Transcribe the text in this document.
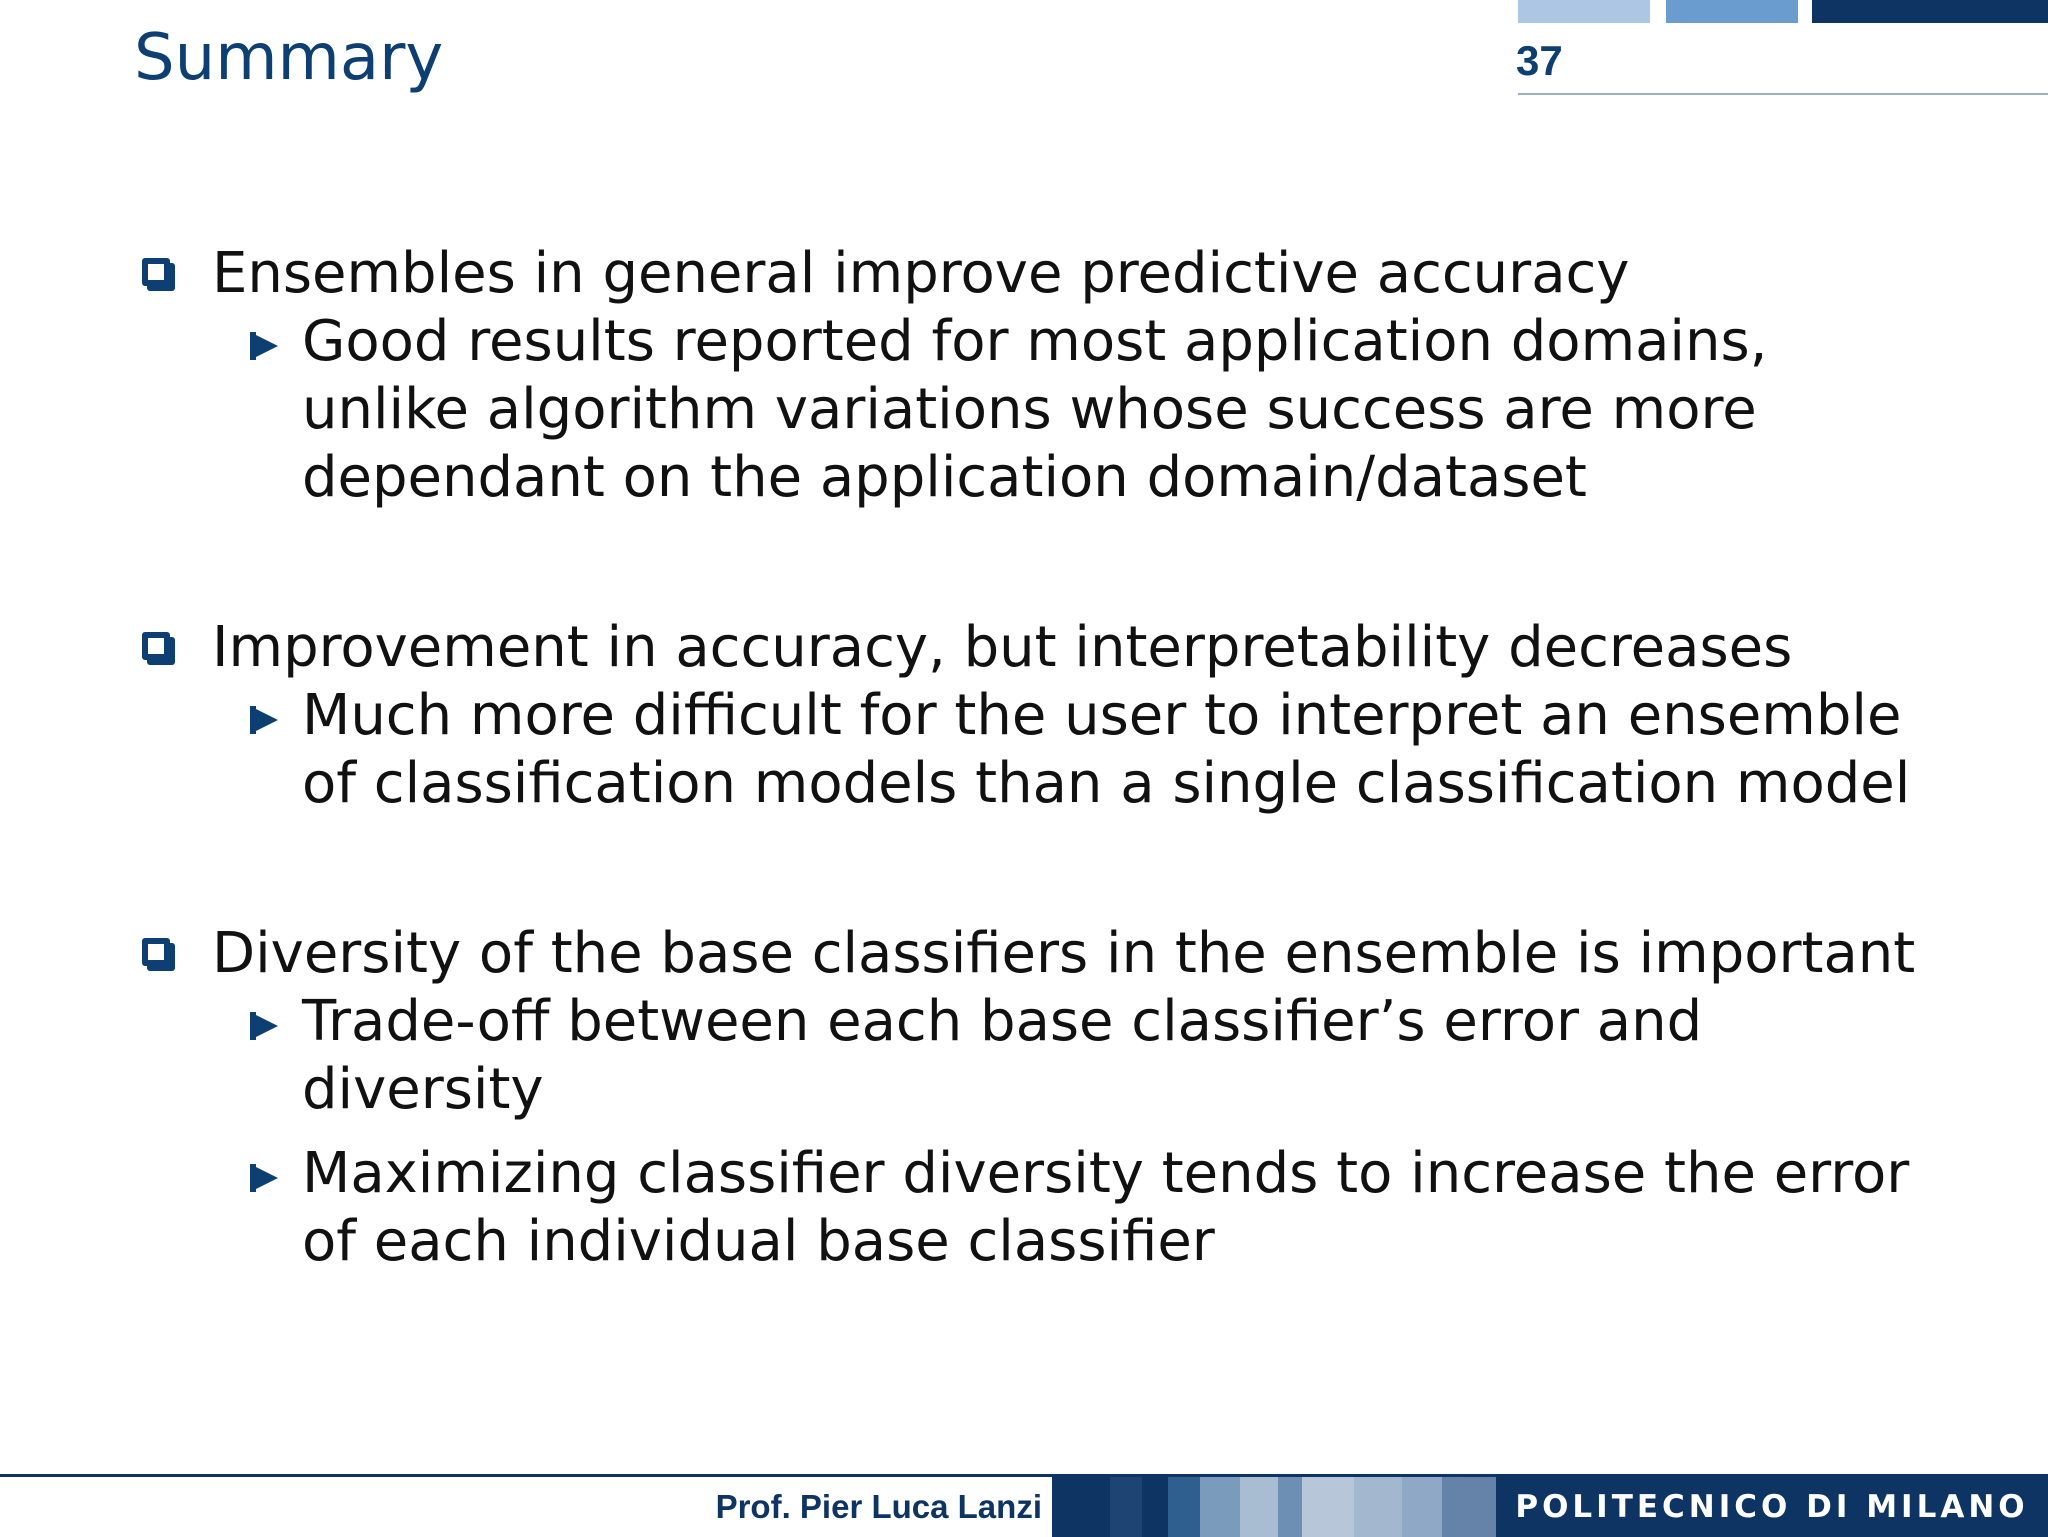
Summary	37
Ensembles in general improve predictive accuracy
Good results reported for most application domains,
unlike algorithm variations whose success are more
dependant on the application domain/dataset
Improvement in accuracy, but interpretability decreases
Much more difficult for the user to interpret an ensemble
of classification models than a single classification model
Diversity of the base classifiers in the ensemble is important
Trade-off between each base classifier’s error and
diversity
Maximizing classifier diversity tends to increase the error
of each individual base classifier
Prof. Pier Luca Lanzi	POLITECNICO DI MILANO
